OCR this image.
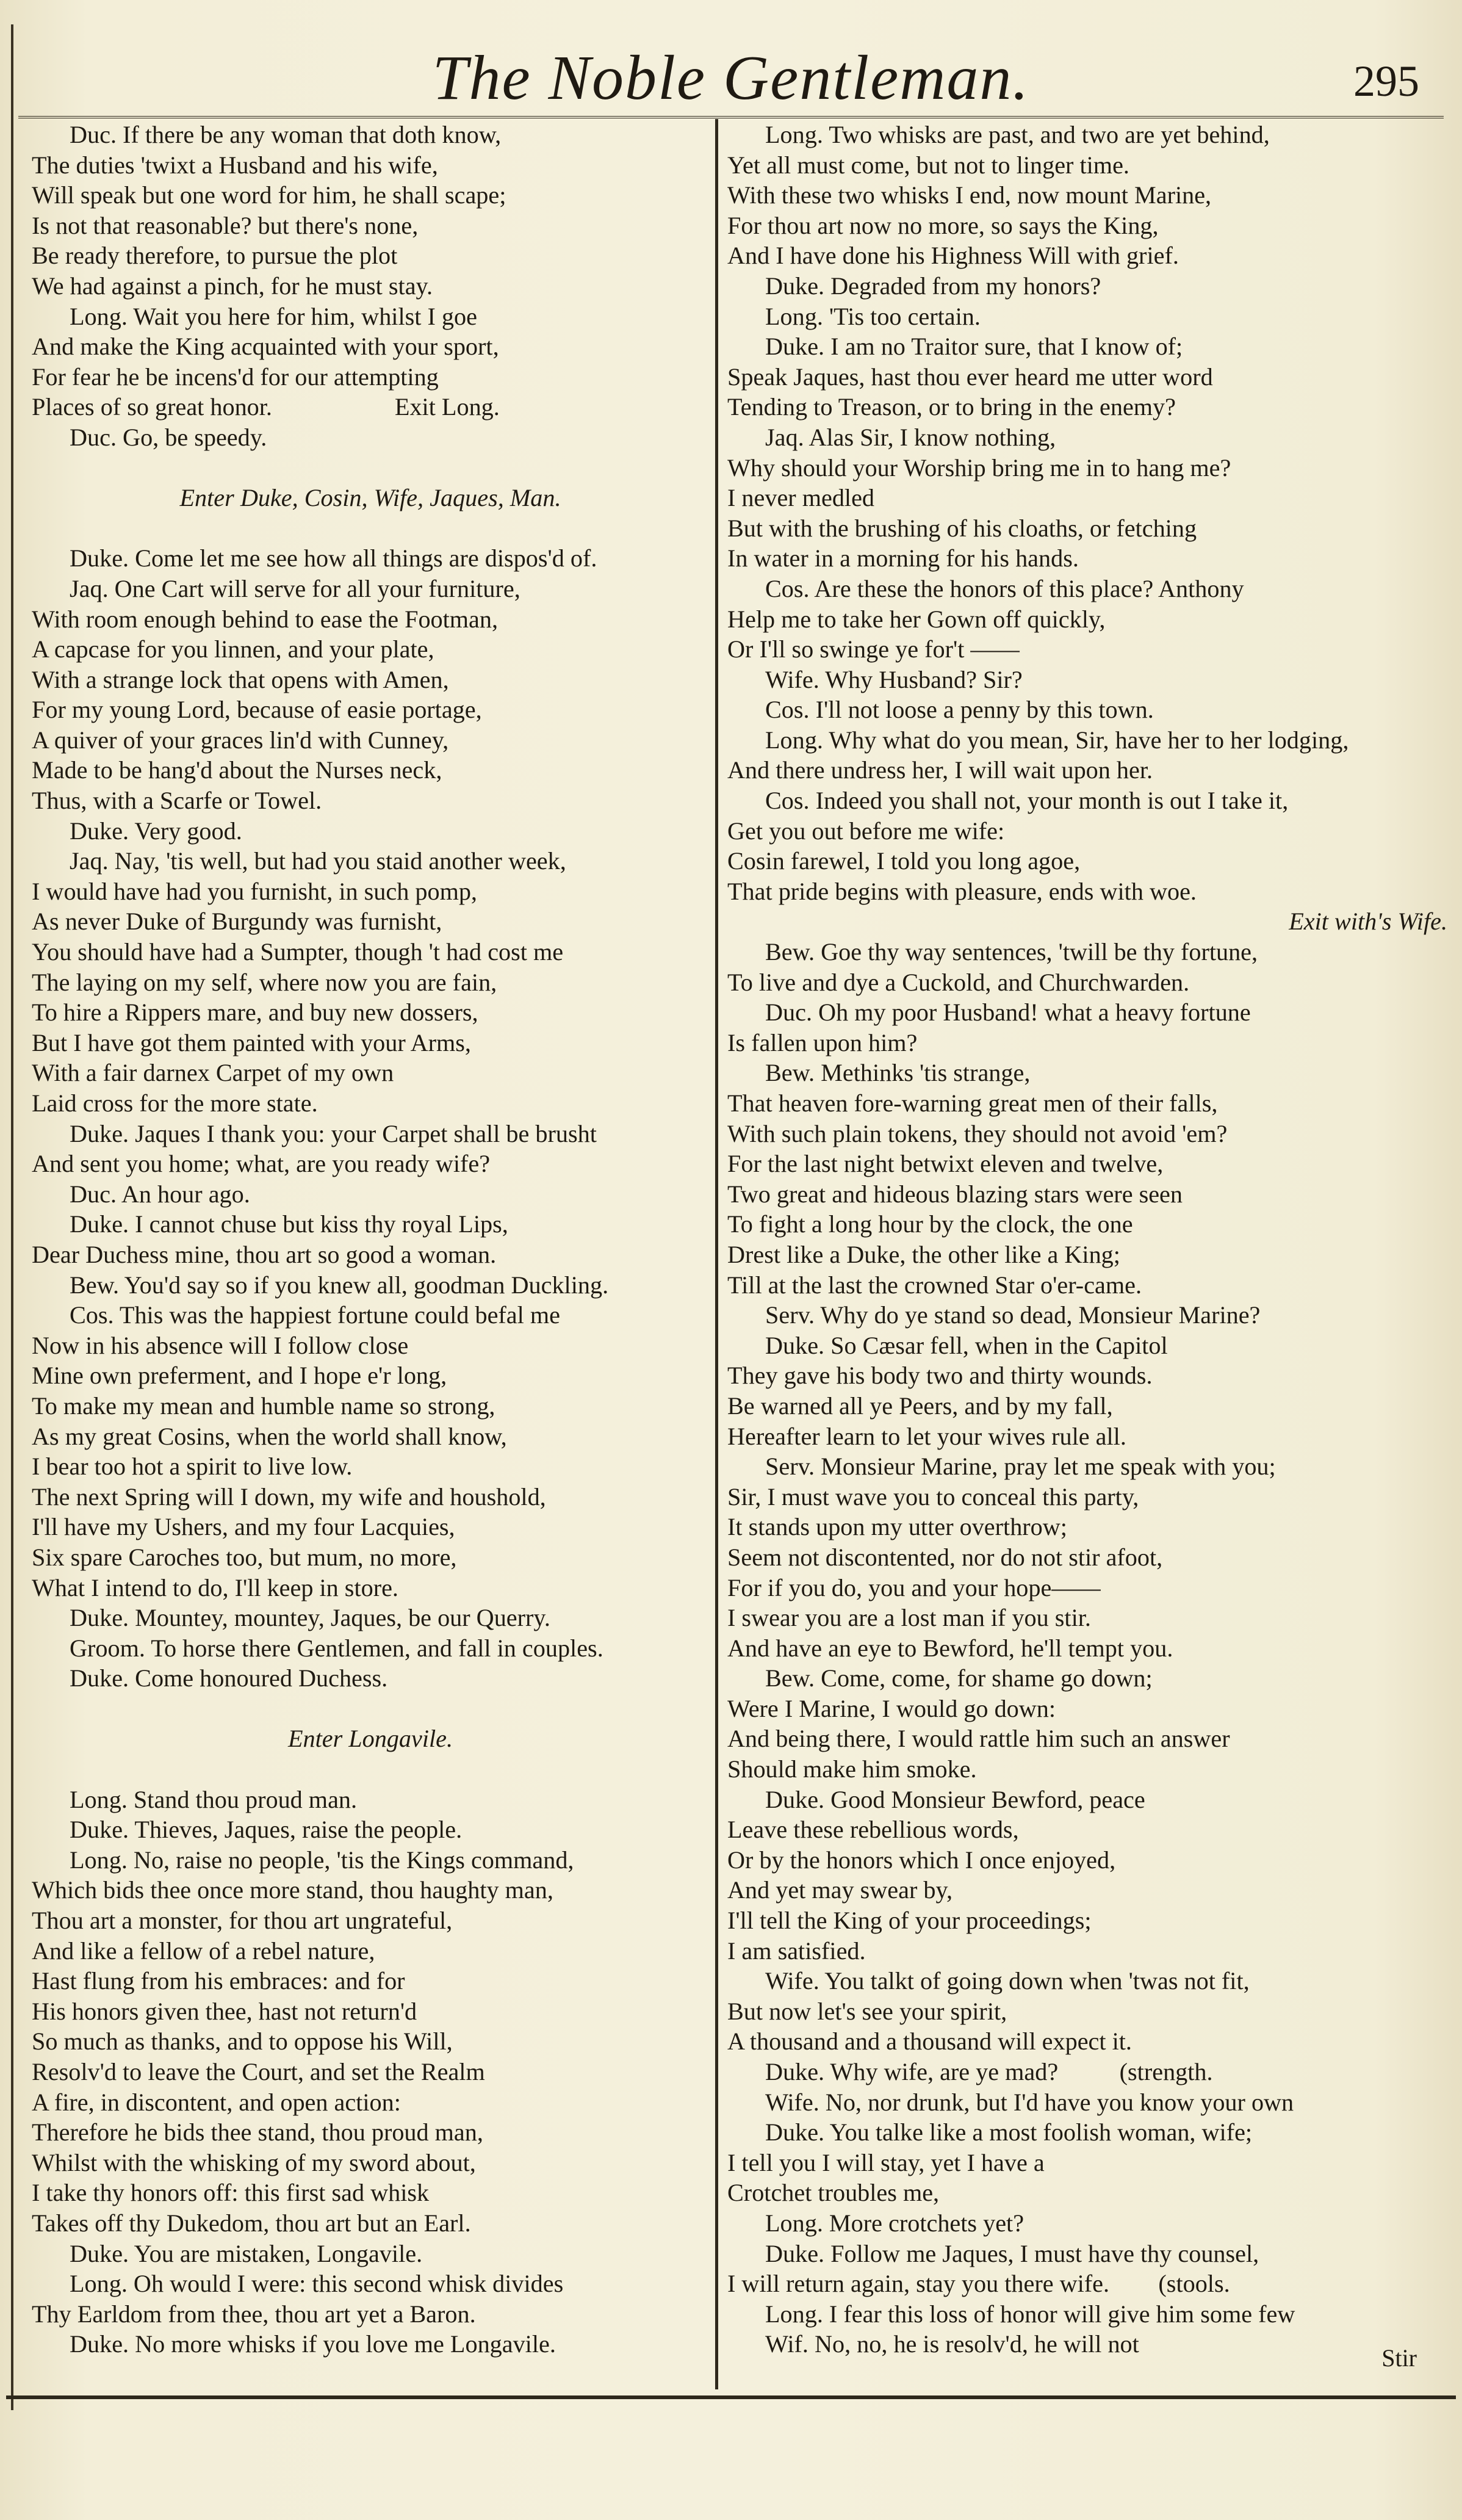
The Noble Gentleman.	295
Duc. If there be any woman that doth know,
The duties 'twixt a Husband and his wife,
Will speak but one word for him, he shall scape;
Is not that reasonable? but there's none,
Be ready therefore, to pursue the plot
We had against a pinch, for he must stay.
Long. Wait you here for him, whilst I goe
And make the King acquainted with your sport,
For fear he be incens'd for our attempting
Places of so great honor.                    Exit Long.
Duc. Go, be speedy.
Enter Duke, Cosin, Wife, Jaques, Man.
Duke. Come let me see how all things are dispos'd of.
Jaq. One Cart will serve for all your furniture,
With room enough behind to ease the Footman,
A capcase for you linnen, and your plate,
With a strange lock that opens with Amen,
For my young Lord, because of easie portage,
A quiver of your graces lin'd with Cunney,
Made to be hang'd about the Nurses neck,
Thus, with a Scarfe or Towel.
Duke. Very good.
Jaq. Nay, 'tis well, but had you staid another week,
I would have had you furnisht, in such pomp,
As never Duke of Burgundy was furnisht,
You should have had a Sumpter, though 't had cost me
The laying on my self, where now you are fain,
To hire a Rippers mare, and buy new dossers,
But I have got them painted with your Arms,
With a fair darnex Carpet of my own
Laid cross for the more state.
Duke. Jaques I thank you: your Carpet shall be brusht
And sent you home; what, are you ready wife?
Duc. An hour ago.
Duke. I cannot chuse but kiss thy royal Lips,
Dear Duchess mine, thou art so good a woman.
Bew. You'd say so if you knew all, goodman Duckling.
Cos. This was the happiest fortune could befal me
Now in his absence will I follow close
Mine own preferment, and I hope e'r long,
To make my mean and humble name so strong,
As my great Cosins, when the world shall know,
I bear too hot a spirit to live low.
The next Spring will I down, my wife and houshold,
I'll have my Ushers, and my four Lacquies,
Six spare Caroches too, but mum, no more,
What I intend to do, I'll keep in store.
Duke. Mountey, mountey, Jaques, be our Querry.
Groom. To horse there Gentlemen, and fall in couples.
Duke. Come honoured Duchess.
Enter Longavile.
Long. Stand thou proud man.
Duke. Thieves, Jaques, raise the people.
Long. No, raise no people, 'tis the Kings command,
Which bids thee once more stand, thou haughty man,
Thou art a monster, for thou art ungrateful,
And like a fellow of a rebel nature,
Hast flung from his embraces: and for
His honors given thee, hast not return'd
So much as thanks, and to oppose his Will,
Resolv'd to leave the Court, and set the Realm
A fire, in discontent, and open action:
Therefore he bids thee stand, thou proud man,
Whilst with the whisking of my sword about,
I take thy honors off: this first sad whisk
Takes off thy Dukedom, thou art but an Earl.
Duke. You are mistaken, Longavile.
Long. Oh would I were: this second whisk divides
Thy Earldom from thee, thou art yet a Baron.
Duke. No more whisks if you love me Longavile.
Long. Two whisks are past, and two are yet behind,
Yet all must come, but not to linger time.
With these two whisks I end, now mount Marine,
For thou art now no more, so says the King,
And I have done his Highness Will with grief.
Duke. Degraded from my honors?
Long. 'Tis too certain.
Duke. I am no Traitor sure, that I know of;
Speak Jaques, hast thou ever heard me utter word
Tending to Treason, or to bring in the enemy?
Jaq. Alas Sir, I know nothing,
Why should your Worship bring me in to hang me?
I never medled
But with the brushing of his cloaths, or fetching
In water in a morning for his hands.
Cos. Are these the honors of this place? Anthony
Help me to take her Gown off quickly,
Or I'll so swinge ye for't ——
Wife. Why Husband? Sir?
Cos. I'll not loose a penny by this town.
Long. Why what do you mean, Sir, have her to her lodging,
And there undress her, I will wait upon her.
Cos. Indeed you shall not, your month is out I take it,
Get you out before me wife:
Cosin farewel, I told you long agoe,
That pride begins with pleasure, ends with woe.
Exit with's Wife.
Bew. Goe thy way sentences, 'twill be thy fortune,
To live and dye a Cuckold, and Churchwarden.
Duc. Oh my poor Husband! what a heavy fortune
Is fallen upon him?
Bew. Methinks 'tis strange,
That heaven fore-warning great men of their falls,
With such plain tokens, they should not avoid 'em?
For the last night betwixt eleven and twelve,
Two great and hideous blazing stars were seen
To fight a long hour by the clock, the one
Drest like a Duke, the other like a King;
Till at the last the crowned Star o'er-came.
Serv. Why do ye stand so dead, Monsieur Marine?
Duke. So Cæsar fell, when in the Capitol
They gave his body two and thirty wounds.
Be warned all ye Peers, and by my fall,
Hereafter learn to let your wives rule all.
Serv. Monsieur Marine, pray let me speak with you;
Sir, I must wave you to conceal this party,
It stands upon my utter overthrow;
Seem not discontented, nor do not stir afoot,
For if you do, you and your hope——
I swear you are a lost man if you stir.
And have an eye to Bewford, he'll tempt you.
Bew. Come, come, for shame go down;
Were I Marine, I would go down:
And being there, I would rattle him such an answer
Should make him smoke.
Duke. Good Monsieur Bewford, peace
Leave these rebellious words,
Or by the honors which I once enjoyed,
And yet may swear by,
I'll tell the King of your proceedings;
I am satisfied.
Wife. You talkt of going down when 'twas not fit,
But now let's see your spirit,
A thousand and a thousand will expect it.
Duke. Why wife, are ye mad?          (strength.
Wife. No, nor drunk, but I'd have you know your own
Duke. You talke like a most foolish woman, wife;
I tell you I will stay, yet I have a
Crotchet troubles me,
Long. More crotchets yet?
Duke. Follow me Jaques, I must have thy counsel,
I will return again, stay you there wife.        (stools.
Long. I fear this loss of honor will give him some few
Wif. No, no, he is resolv'd, he will not
Stir
